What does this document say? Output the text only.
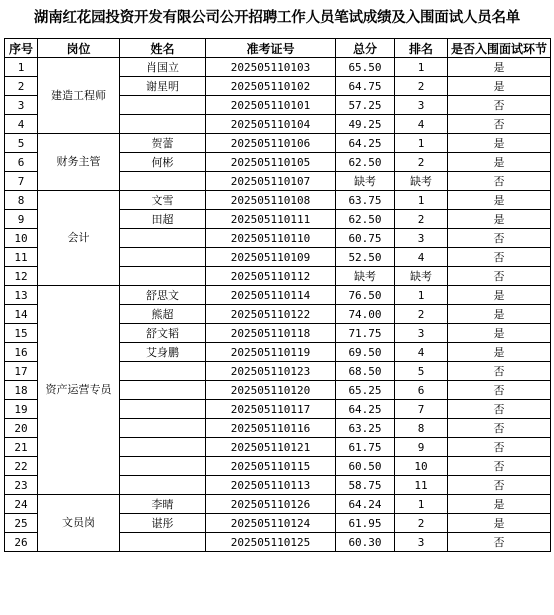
湖南红花园投资开发有限公司公开招聘工作人员笔试成绩及入围面试人员名单
序号	岗位	姓名	准考证号	总分	排名	是否入围面试环节
1	建造工程师	肖国立	202505110103	65.50	1	是
2		谢星明	202505110102	64.75	2	是
3			202505110101	57.25	3	否
4			202505110104	49.25	4	否
5	财务主管	贺蕾	202505110106	64.25	1	是
6		何彬	202505110105	62.50	2	是
7			202505110107	缺考	缺考	否
8	会计	文雪	202505110108	63.75	1	是
9		田超	202505110111	62.50	2	是
10			202505110110	60.75	3	否
11			202505110109	52.50	4	否
12			202505110112	缺考	缺考	否
13	资产运营专员	舒思文	202505110114	76.50	1	是
14		熊超	202505110122	74.00	2	是
15		舒文韬	202505110118	71.75	3	是
16		艾身鹏	202505110119	69.50	4	是
17			202505110123	68.50	5	否
18			202505110120	65.25	6	否
19			202505110117	64.25	7	否
20			202505110116	63.25	8	否
21			202505110121	61.75	9	否
22			202505110115	60.50	10	否
23			202505110113	58.75	11	否
24	文员岗	李晴	202505110126	64.24	1	是
25		谌彤	202505110124	61.95	2	是
26			202505110125	60.30	3	否
